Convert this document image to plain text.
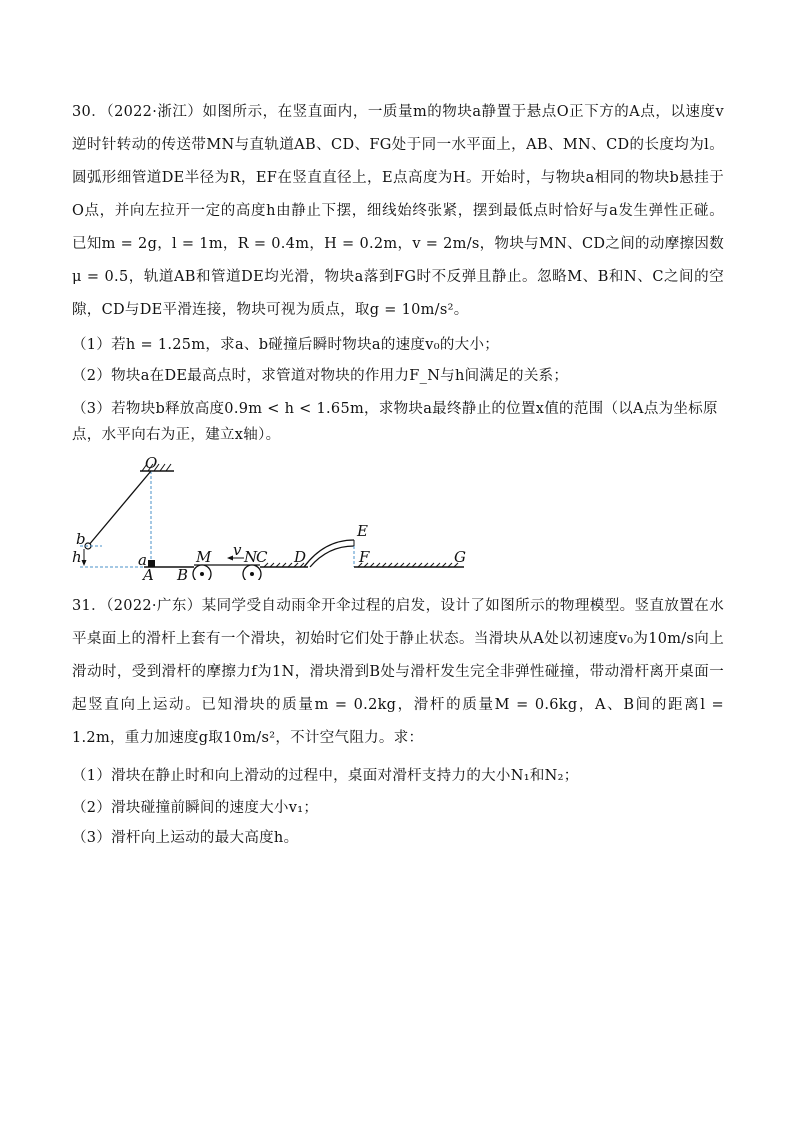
30．（2022·浙江）如图所示，在竖直面内，一质量m的物块a静置于悬点O正下方的A点，以速度v逆时针转动的传送带MN与直轨道AB、CD、FG处于同一水平面上，AB、MN、CD的长度均为l。圆弧形细管道DE半径为R，EF在竖直直径上，E点高度为H。开始时，与物块a相同的物块b悬挂于O点，并向左拉开一定的高度h由静止下摆，细线始终张紧，摆到最低点时恰好与a发生弹性正碰。已知m = 2g，l = 1m，R = 0.4m，H = 0.2m，v = 2m/s，物块与MN、CD之间的动摩擦因数μ = 0.5，轨道AB和管道DE均光滑，物块a落到FG时不反弹且静止。忽略M、B和N、C之间的空隙，CD与DE平滑连接，物块可视为质点，取g = 10m/s²。

（1）若h = 1.25m，求a、b碰撞后瞬时物块a的速度v₀的大小；

（2）物块a在DE最高点时，求管道对物块的作用力F_N与h间满足的关系；

（3）若物块b释放高度0.9m < h < 1.65m，求物块a最终静止的位置x值的范围（以A点为坐标原点，水平向右为正，建立x轴）。

O
b
h	a
A B
M v N
C D
E
F	G

31．（2022·广东）某同学受自动雨伞开伞过程的启发，设计了如图所示的物理模型。竖直放置在水平桌面上的滑杆上套有一个滑块，初始时它们处于静止状态。当滑块从A处以初速度v₀为10m/s向上滑动时，受到滑杆的摩擦力f为1N，滑块滑到B处与滑杆发生完全非弹性碰撞，带动滑杆离开桌面一起竖直向上运动。已知滑块的质量m = 0.2kg，滑杆的质量M = 0.6kg，A、B间的距离l = 1.2m，重力加速度g取10m/s²，不计空气阻力。求：

（1）滑块在静止时和向上滑动的过程中，桌面对滑杆支持力的大小N₁和N₂；

（2）滑块碰撞前瞬间的速度大小v₁；

（3）滑杆向上运动的最大高度h。
